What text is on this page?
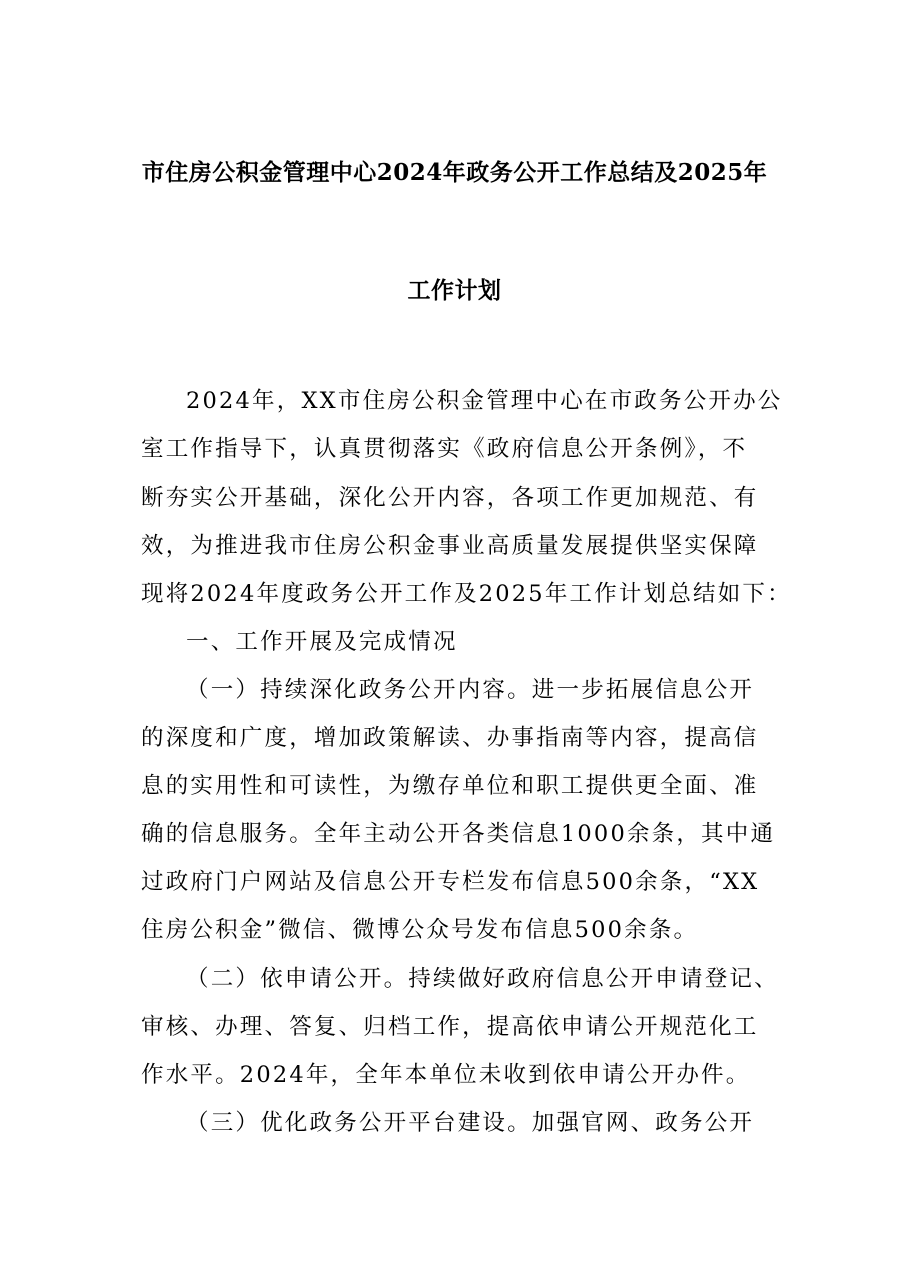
市住房公积金管理中心2024年政务公开工作总结及2025年
工作计划
2024年，XX市住房公积金管理中心在市政务公开办公
室工作指导下，认真贯彻落实《政府信息公开条例》，不
断夯实公开基础，深化公开内容，各项工作更加规范、有
效，为推进我市住房公积金事业高质量发展提供坚实保障
现将2024年度政务公开工作及2025年工作计划总结如下：
一、工作开展及完成情况
（一）持续深化政务公开内容。进一步拓展信息公开
的深度和广度，增加政策解读、办事指南等内容，提高信
息的实用性和可读性，为缴存单位和职工提供更全面、准
确的信息服务。全年主动公开各类信息1000余条，其中通
过政府门户网站及信息公开专栏发布信息500余条，“XX
住房公积金”微信、微博公众号发布信息500余条。
（二）依申请公开。持续做好政府信息公开申请登记、
审核、办理、答复、归档工作，提高依申请公开规范化工
作水平。2024年，全年本单位未收到依申请公开办件。
（三）优化政务公开平台建设。加强官网、政务公开
